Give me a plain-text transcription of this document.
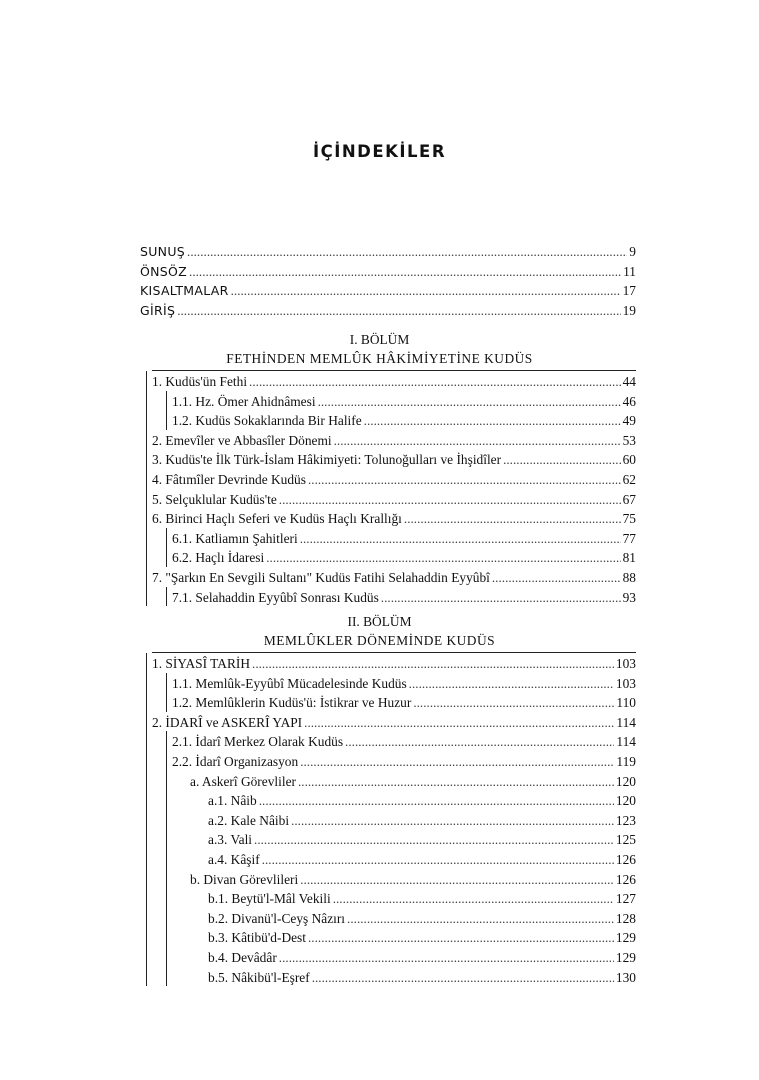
İÇİNDEKİLER
SUNUŞ . . .	9
ÖNSÖZ . . .	11
KISALTMALAR . . .	17
GİRİŞ . . .	19
I. BÖLÜM
FETHİNDEN MEMLÛK HÂKİMİYETİNE KUDÜS
1. Kudüs'ün Fethi . . .	44
1.1. Hz. Ömer Ahidnâmesi . . .	46
1.2. Kudüs Sokaklarında Bir Halife . . .	49
2. Emevîler ve Abbasîler Dönemi . . .	53
3. Kudüs'te İlk Türk-İslam Hâkimiyeti: Tolunoğulları ve İhşidîler . . .	60
4. Fâtımîler Devrinde Kudüs . . .	62
5. Selçuklular Kudüs'te . . .	67
6. Birinci Haçlı Seferi ve Kudüs Haçlı Krallığı . . .	75
6.1. Katliamın Şahitleri . . .	77
6.2. Haçlı İdaresi . . .	81
7. "Şarkın En Sevgili Sultanı" Kudüs Fatihi Selahaddin Eyyûbî . . .	88
7.1. Selahaddin Eyyûbî Sonrası Kudüs . . .	93
II. BÖLÜM
MEMLÛKLER DÖNEMİNDE KUDÜS
1. SİYASÎ TARİH . . .	103
1.1. Memlûk-Eyyûbî Mücadelesinde Kudüs . . .	103
1.2. Memlûklerin Kudüs'ü: İstikrar ve Huzur . . .	110
2. İDARÎ ve ASKERÎ YAPI . . .	114
2.1. İdarî Merkez Olarak Kudüs . . .	114
2.2. İdarî Organizasyon . . .	119
a. Askerî Görevliler . . .	120
a.1. Nâib . . .	120
a.2. Kale Nâibi . . .	123
a.3. Vali . . .	125
a.4. Kâşif . . .	126
b. Divan Görevlileri . . .	126
b.1. Beytü'l-Mâl Vekili . . .	127
b.2. Divanü'l-Ceyş Nâzırı . . .	128
b.3. Kâtibü'd-Dest . . .	129
b.4. Devâdâr . . .	129
b.5. Nâkibü'l-Eşref . . .	130
